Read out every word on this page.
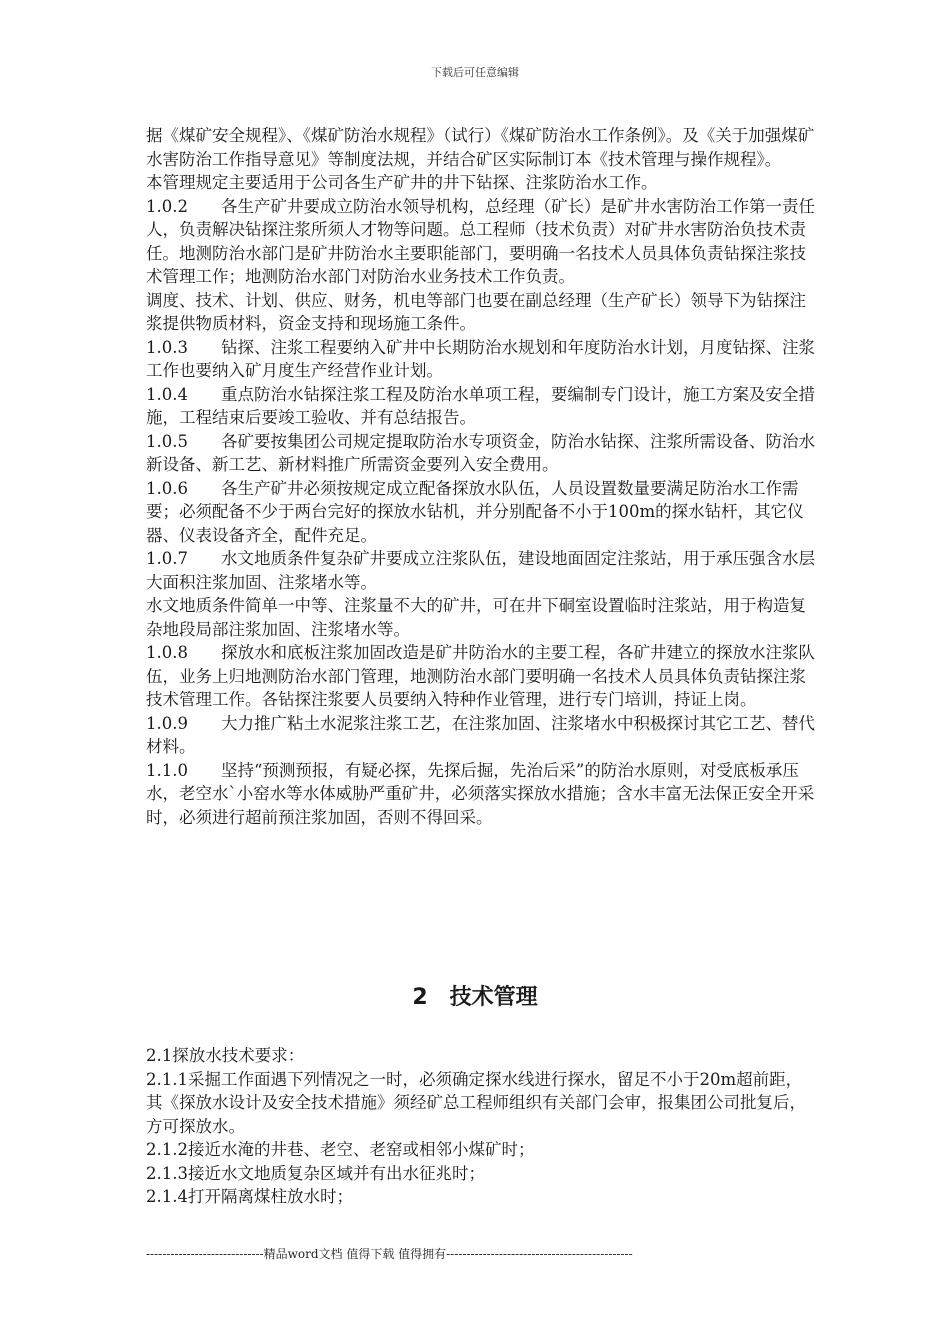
下载后可任意编辑

据《煤矿安全规程》、《煤矿防治水规程》（试行）《煤矿防治水工作条例》。及《关于加强煤矿水害防治工作指导意见》等制度法规，并结合矿区实际制订本《技术管理与操作规程》。

本管理规定主要适用于公司各生产矿井的井下钻探、注浆防治水工作。

1.0.2　　各生产矿井要成立防治水领导机构，总经理（矿长）是矿井水害防治工作第一责任人，负责解决钻探注浆所须人才物等问题。总工程师（技术负责）对矿井水害防治负技术责任。地测防治水部门是矿井防治水主要职能部门，要明确一名技术人员具体负责钻探注浆技术管理工作；地测防治水部门对防治水业务技术工作负责。

调度、技术、计划、供应、财务，机电等部门也要在副总经理（生产矿长）领导下为钻探注浆提供物质材料，资金支持和现场施工条件。

1.0.3　　钻探、注浆工程要纳入矿井中长期防治水规划和年度防治水计划，月度钻探、注浆工作也要纳入矿月度生产经营作业计划。

1.0.4　　重点防治水钻探注浆工程及防治水单项工程，要编制专门设计，施工方案及安全措施，工程结束后要竣工验收、并有总结报告。

1.0.5　　各矿要按集团公司规定提取防治水专项资金，防治水钻探、注浆所需设备、防治水新设备、新工艺、新材料推广所需资金要列入安全费用。

1.0.6　　各生产矿井必须按规定成立配备探放水队伍，人员设置数量要满足防治水工作需要；必须配备不少于两台完好的探放水钻机，并分别配备不小于100m的探水钻杆，其它仪器、仪表设备齐全，配件充足。

1.0.7　　水文地质条件复杂矿井要成立注浆队伍，建设地面固定注浆站，用于承压强含水层大面积注浆加固、注浆堵水等。

水文地质条件简单一中等、注浆量不大的矿井，可在井下硐室设置临时注浆站，用于构造复杂地段局部注浆加固、注浆堵水等。

1.0.8　　探放水和底板注浆加固改造是矿井防治水的主要工程，各矿井建立的探放水注浆队伍，业务上归地测防治水部门管理，地测防治水部门要明确一名技术人员具体负责钻探注浆技术管理工作。各钻探注浆要人员要纳入特种作业管理，进行专门培训，持证上岗。

1.0.9　　大力推广粘土水泥浆注浆工艺，在注浆加固、注浆堵水中积极探讨其它工艺、替代材料。

1.1.0　　坚持“预测预报，有疑必探，先探后掘，先治后采”的防治水原则，对受底板承压水，老空水`小窑水等水体威胁严重矿井，必须落实探放水措施；含水丰富无法保正安全开采时，必须进行超前预注浆加固，否则不得回采。

2　技术管理

2.1探放水技术要求：

2.1.1采掘工作面遇下列情况之一时，必须确定探水线进行探水，留足不小于20m超前距，其《探放水设计及安全技术措施》须经矿总工程师组织有关部门会审，报集团公司批复后，方可探放水。

2.1.2接近水淹的井巷、老空、老窑或相邻小煤矿时；

2.1.3接近水文地质复杂区域并有出水征兆时；

2.1.4打开隔离煤柱放水时；

-----------------------------精品word文档 值得下载 值得拥有----------------------------------------------
